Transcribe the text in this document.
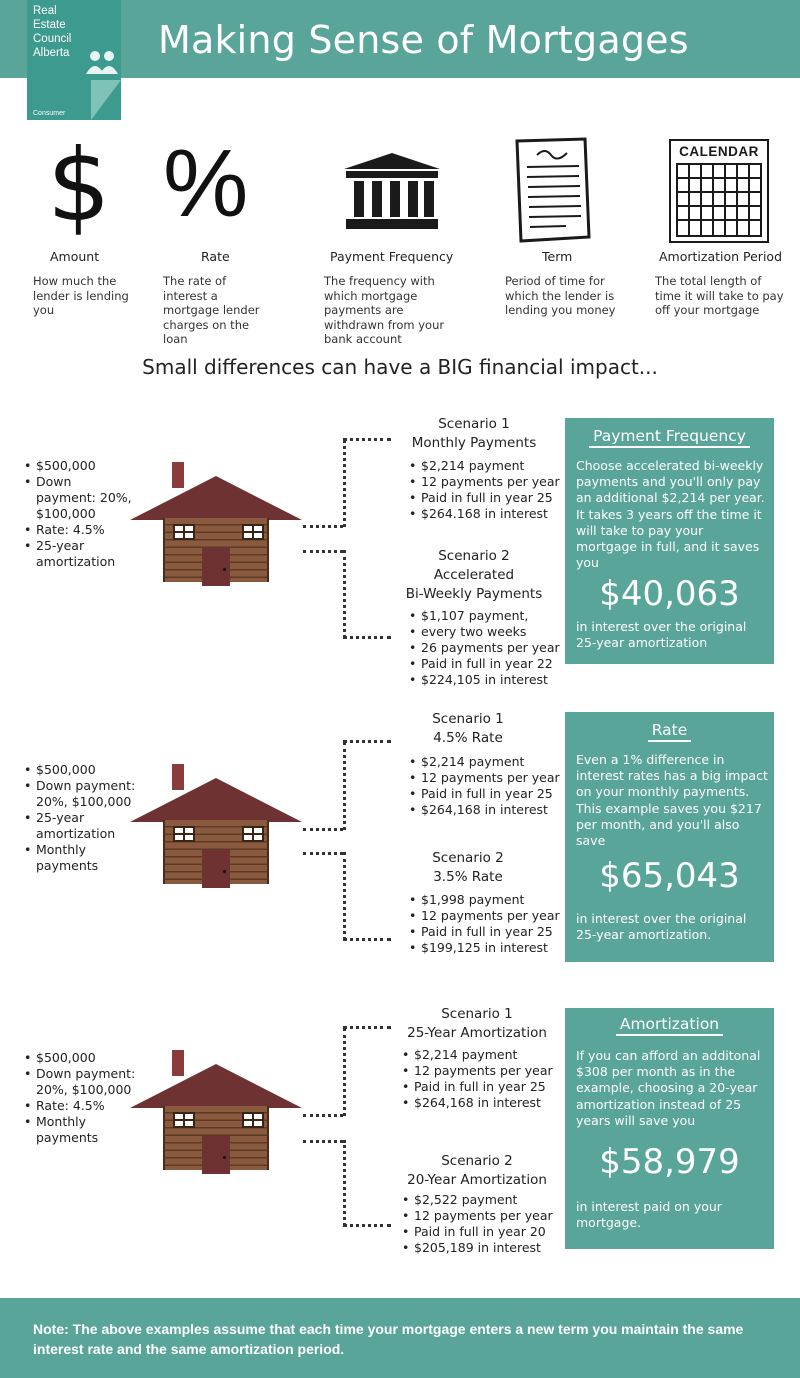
Making Sense of Mortgages
Real
Estate
Council
Alberta
Consumer
$
Amount
How much the lender is lending you
%
Rate
The rate of interest a mortgage lender charges on the loan
Payment Frequency
The frequency with which mortgage payments are withdrawn from your bank account
Term
Period of time for which the lender is lending you money
CALENDAR
Amortization Period
The total length of time it will take to pay off your mortgage
Small differences can have a BIG financial impact...
• $500,000
• Down payment: 20%, $100,000
• Rate: 4.5%
• 25-year amortization
Scenario 1
Monthly Payments
• $2,214 payment
• 12 payments per year
• Paid in full in year 25
• $264.168 in interest
Scenario 2
Accelerated
Bi-Weekly Payments
• $1,107 payment,
• every two weeks
• 26 payments per year
• Paid in full in year 22
• $224,105 in interest
Payment Frequency
Choose accelerated bi-weekly payments and you'll only pay an additional $2,214 per year. It takes 3 years off the time it will take to pay your mortgage in full, and it saves you
$40,063
in interest over the original 25-year amortization
• $500,000
• Down payment: 20%, $100,000
• 25-year amortization
• Monthly payments
Scenario 1
4.5% Rate
• $2,214 payment
• 12 payments per year
• Paid in full in year 25
• $264,168 in interest
Scenario 2
3.5% Rate
• $1,998 payment
• 12 payments per year
• Paid in full in year 25
• $199,125 in interest
Rate
Even a 1% difference in interest rates has a big impact on your monthly payments. This example saves you $217 per month, and you'll also save
$65,043
in interest over the original 25-year amortization.
• $500,000
• Down payment: 20%, $100,000
• Rate: 4.5%
• Monthly payments
Scenario 1
25-Year Amortization
• $2,214 payment
• 12 payments per year
• Paid in full in year 25
• $264,168 in interest
Scenario 2
20-Year Amortization
• $2,522 payment
• 12 payments per year
• Paid in full in year 20
• $205,189 in interest
Amortization
If you can afford an additonal $308 per month as in the example, choosing a 20-year amortization instead of 25 years will save you
$58,979
in interest paid on your mortgage.
Note: The above examples assume that each time your mortgage enters a new term you maintain the same interest rate and the same amortization period.
